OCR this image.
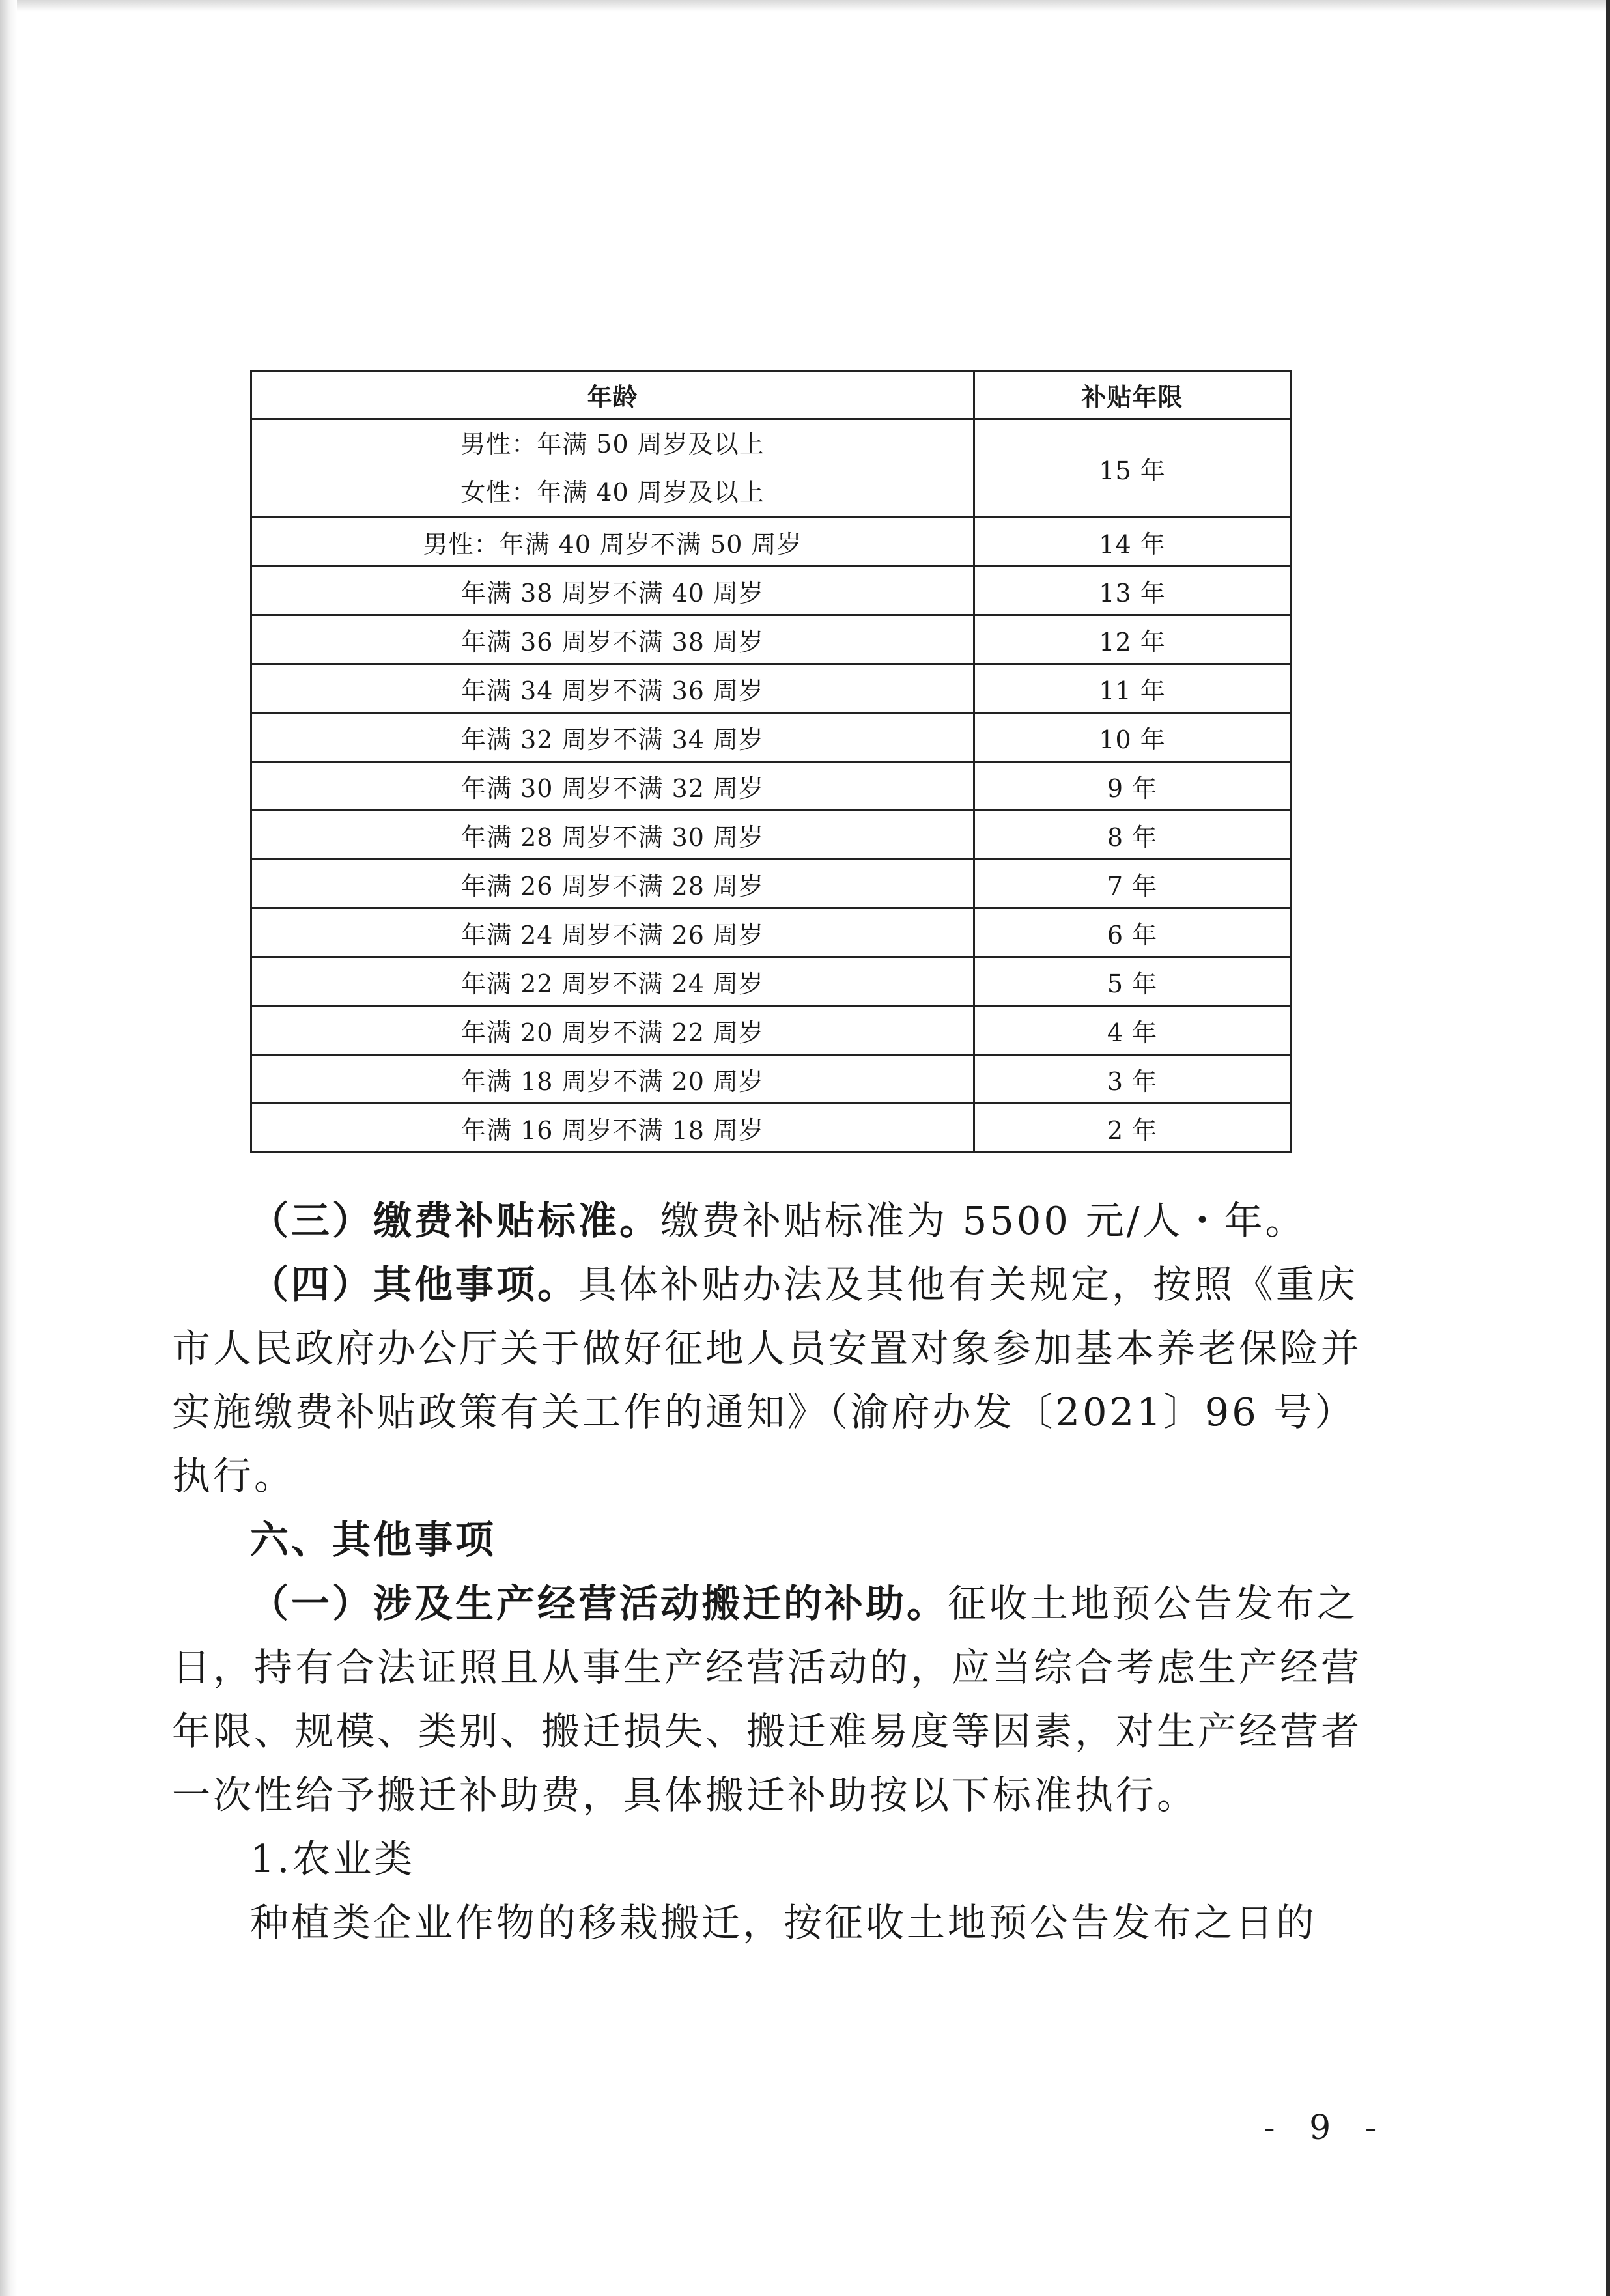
年龄	补贴年限

男性：年满 50 周岁及以上
女性：年满 40 周岁及以上	15 年
男性：年满 40 周岁不满 50 周岁	14 年
年满 38 周岁不满 40 周岁	13 年
年满 36 周岁不满 38 周岁	12 年
年满 34 周岁不满 36 周岁	11 年
年满 32 周岁不满 34 周岁	10 年
年满 30 周岁不满 32 周岁	9 年
年满 28 周岁不满 30 周岁	8 年
年满 26 周岁不满 28 周岁	7 年
年满 24 周岁不满 26 周岁	6 年
年满 22 周岁不满 24 周岁	5 年
年满 20 周岁不满 22 周岁	4 年
年满 18 周岁不满 20 周岁	3 年
年满 16 周岁不满 18 周岁	2 年

（三）缴费补贴标准。缴费补贴标准为 5500 元/人・年。

（四）其他事项。具体补贴办法及其他有关规定，按照《重庆市人民政府办公厅关于做好征地人员安置对象参加基本养老保险并实施缴费补贴政策有关工作的通知》（渝府办发〔2021〕96 号）执行。

六、其他事项

（一）涉及生产经营活动搬迁的补助。征收土地预公告发布之日，持有合法证照且从事生产经营活动的，应当综合考虑生产经营年限、规模、类别、搬迁损失、搬迁难易度等因素，对生产经营者一次性给予搬迁补助费，具体搬迁补助按以下标准执行。

1.农业类

种植类企业作物的移栽搬迁，按征收土地预公告发布之日的

- 9 -
